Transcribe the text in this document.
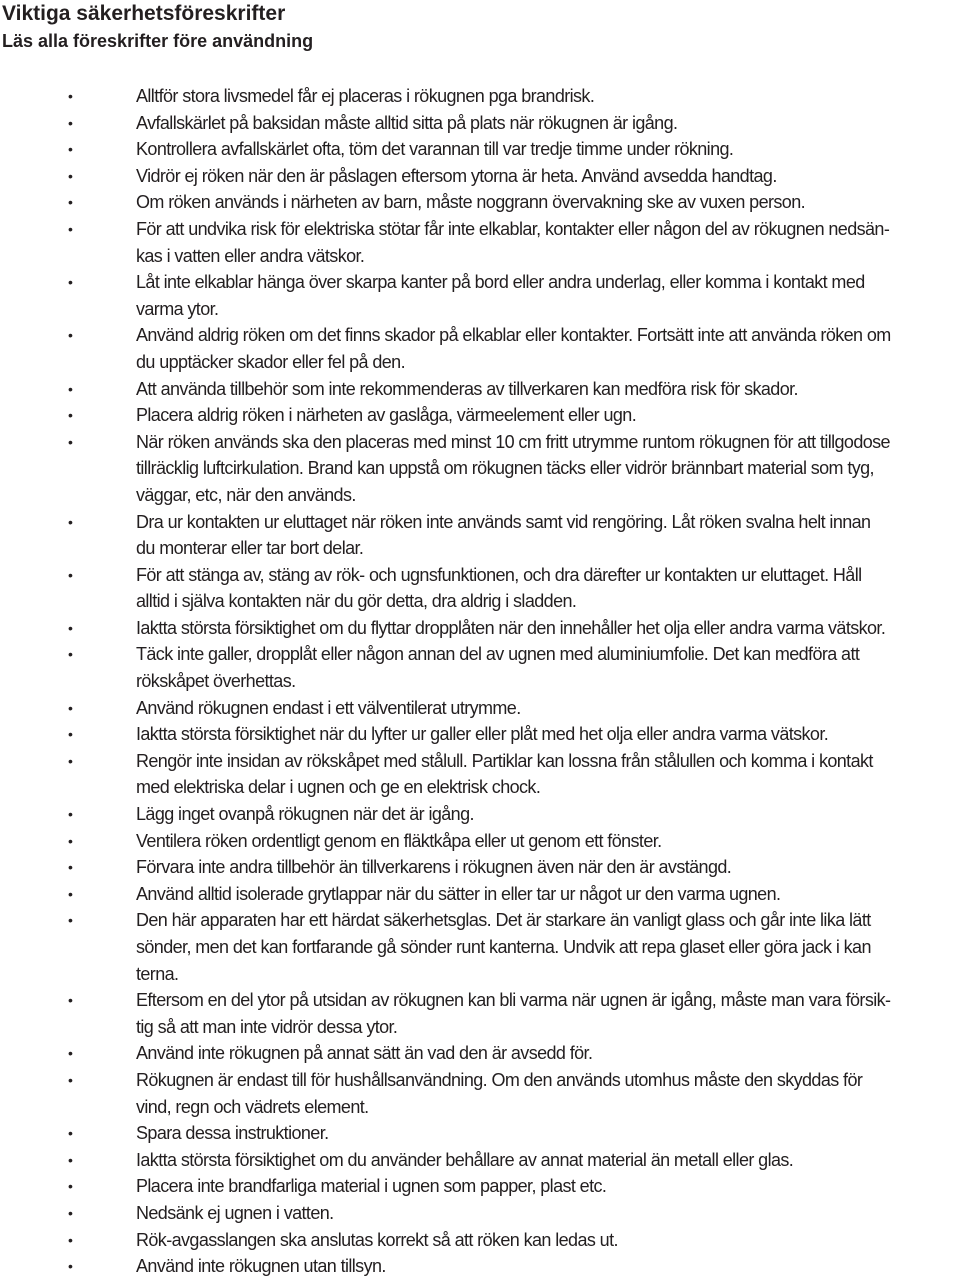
Viktiga säkerhetsföreskrifter
Läs alla föreskrifter före användning
•	Alltför stora livsmedel får ej placeras i rökugnen pga brandrisk.
•	Avfallskärlet på baksidan måste alltid sitta på plats när rökugnen är igång.
•	Kontrollera avfallskärlet ofta, töm det varannan till var tredje timme under rökning.
•	Vidrör ej röken när den är påslagen eftersom ytorna är heta. Använd avsedda handtag.
•	Om röken används i närheten av barn, måste noggrann övervakning ske av vuxen person.
•	För att undvika risk för elektriska stötar får inte elkablar, kontakter eller någon del av rökugnen nedsän-
kas i vatten eller andra vätskor.
•	Låt inte elkablar hänga över skarpa kanter på bord eller andra underlag, eller komma i kontakt med
varma ytor.
•	Använd aldrig röken om det finns skador på elkablar eller kontakter. Fortsätt inte att använda röken om
du upptäcker skador eller fel på den.
•	Att använda tillbehör som inte rekommenderas av tillverkaren kan medföra risk för skador.
•	Placera aldrig röken i närheten av gaslåga, värmeelement eller ugn.
•	När röken används ska den placeras med minst 10 cm fritt utrymme runtom rökugnen för att tillgodose
tillräcklig luftcirkulation. Brand kan uppstå om rökugnen täcks eller vidrör brännbart material som tyg,
väggar, etc, när den används.
•	Dra ur kontakten ur eluttaget när röken inte används samt vid rengöring. Låt röken svalna helt innan
du monterar eller tar bort delar.
•	För att stänga av, stäng av rök- och ugnsfunktionen, och dra därefter ur kontakten ur eluttaget. Håll
alltid i själva kontakten när du gör detta, dra aldrig i sladden.
•	Iaktta största försiktighet om du flyttar dropplåten när den innehåller het olja eller andra varma vätskor.
•	Täck inte galler, dropplåt eller någon annan del av ugnen med aluminiumfolie. Det kan medföra att
rökskåpet överhettas.
•	Använd rökugnen endast i ett välventilerat utrymme.
•	Iaktta största försiktighet när du lyfter ur galler eller plåt med het olja eller andra varma vätskor.
•	Rengör inte insidan av rökskåpet med stålull. Partiklar kan lossna från stålullen och komma i kontakt
med elektriska delar i ugnen och ge en elektrisk chock.
•	Lägg inget ovanpå rökugnen när det är igång.
•	Ventilera röken ordentligt genom en fläktkåpa eller ut genom ett fönster.
•	Förvara inte andra tillbehör än tillverkarens i rökugnen även när den är avstängd.
•	Använd alltid isolerade grytlappar när du sätter in eller tar ur något ur den varma ugnen.
•	Den här apparaten har ett härdat säkerhetsglas. Det är starkare än vanligt glass och går inte lika lätt
sönder, men det kan fortfarande gå sönder runt kanterna. Undvik att repa glaset eller göra jack i kan
terna.
•	Eftersom en del ytor på utsidan av rökugnen kan bli varma när ugnen är igång, måste man vara försik-
tig så att man inte vidrör dessa ytor.
•	Använd inte rökugnen på annat sätt än vad den är avsedd för.
•	Rökugnen är endast till för hushållsanvändning. Om den används utomhus måste den skyddas för
vind, regn och vädrets element.
•	Spara dessa instruktioner.
•	Iaktta största försiktighet om du använder behållare av annat material än metall eller glas.
•	Placera inte brandfarliga material i ugnen som papper, plast etc.
•	Nedsänk ej ugnen i vatten.
•	Rök-avgasslangen ska anslutas korrekt så att röken kan ledas ut.
•	Använd inte rökugnen utan tillsyn.
